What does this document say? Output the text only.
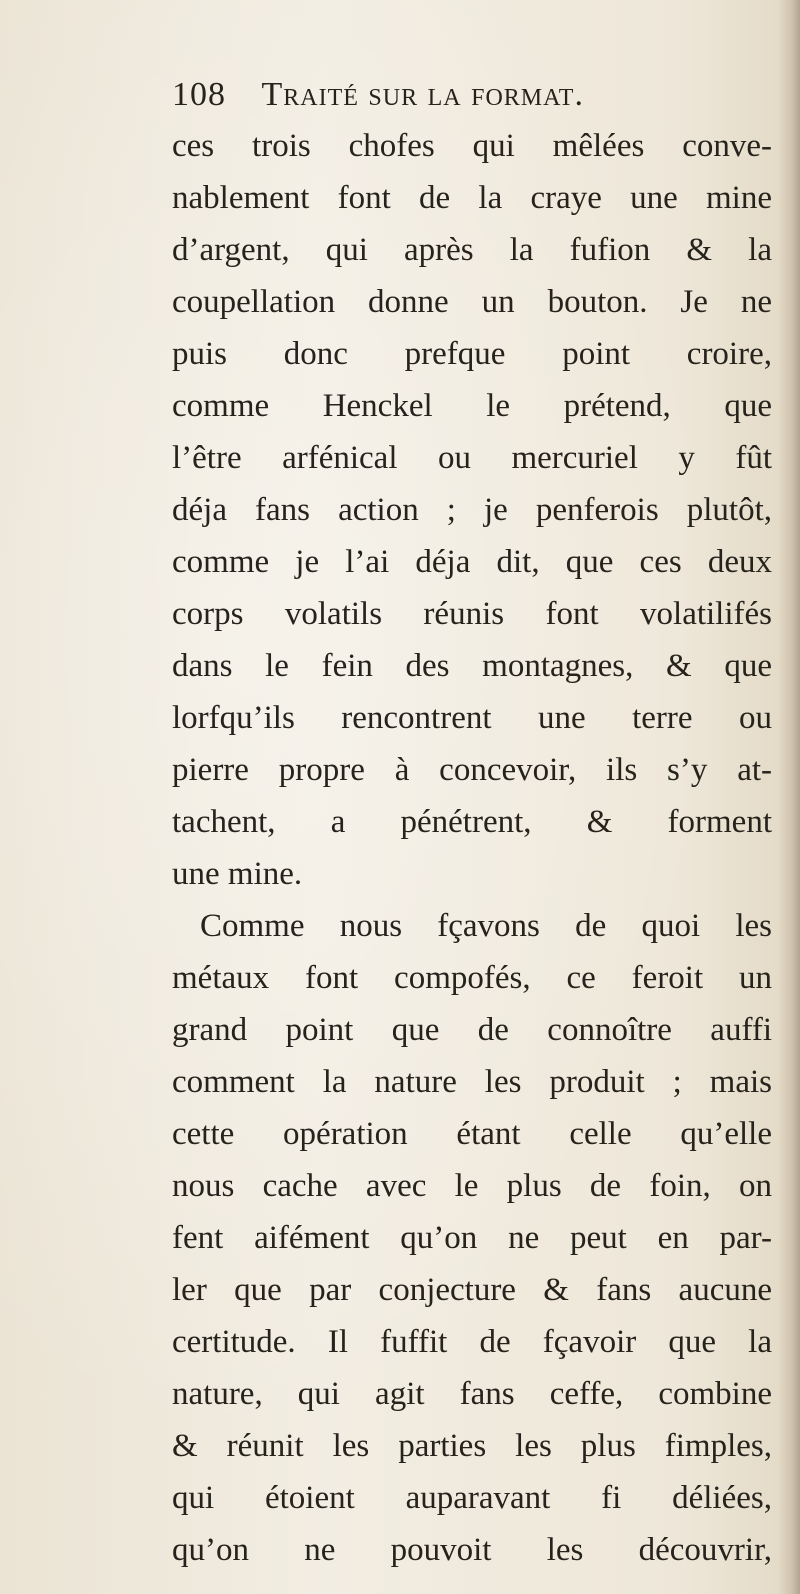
108 Traité sur la format.
ces trois chofes qui mêlées conve-
nablement font de la craye une mine
d’argent, qui après la fufion & la
coupellation donne un bouton. Je ne
puis donc prefque point croire,
comme Henckel le prétend, que
l’être arfénical ou mercuriel y fût
déja fans action ; je penferois plutôt,
comme je l’ai déja dit, que ces deux
corps volatils réunis font volatilifés
dans le fein des montagnes, & que
lorfqu’ils rencontrent une terre ou
pierre propre à concevoir, ils s’y at-
tachent, a pénétrent, & forment
une mine.
Comme nous fçavons de quoi les
métaux font compofés, ce feroit un
grand point que de connoître auffi
comment la nature les produit ; mais
cette opération étant celle qu’elle
nous cache avec le plus de foin, on
fent aifément qu’on ne peut en par-
ler que par conjecture & fans aucune
certitude. Il fuffit de fçavoir que la
nature, qui agit fans ceffe, combine
& réunit les parties les plus fimples,
qui étoient auparavant fi déliées,
qu’on ne pouvoit les découvrir,
